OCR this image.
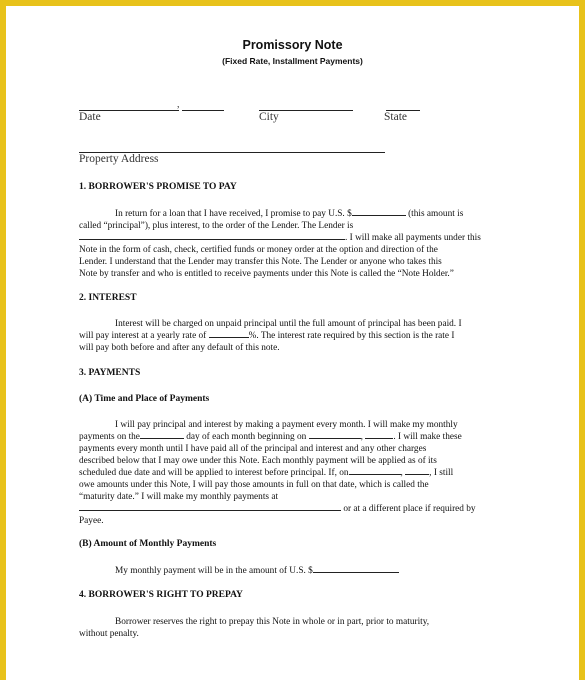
Promissory Note
(Fixed Rate, Installment Payments)
,
Date	City	State
Property Address
1. BORROWER'S PROMISE TO PAY
In return for a loan that I have received, I promise to pay U.S. $	(this amount is
called “principal”), plus interest, to the order of the Lender. The Lender is
. I will make all payments under this
Note in the form of cash, check, certified funds or money order at the option and direction of the
Lender. I understand that the Lender may transfer this Note. The Lender or anyone who takes this
Note by transfer and who is entitled to receive payments under this Note is called the “Note Holder.”
2. INTEREST
Interest will be charged on unpaid principal until the full amount of principal has been paid. I
will pay interest at a yearly rate of	%. The interest rate required by this section is the rate I
will pay both before and after any default of this note.
3. PAYMENTS
(A) Time and Place of Payments
I will pay principal and interest by making a payment every month. I will make my monthly
payments on the	day of each month beginning on	,	. I will make these
payments every month until I have paid all of the principal and interest and any other charges
described below that I may owe under this Note. Each monthly payment will be applied as of its
scheduled due date and will be applied to interest before principal. If, on	,	, I still
owe amounts under this Note, I will pay those amounts in full on that date, which is called the
“maturity date.” I will make my monthly payments at
or at a different place if required by
Payee.
(B) Amount of Monthly Payments
My monthly payment will be in the amount of U.S. $
4. BORROWER'S RIGHT TO PREPAY
Borrower reserves the right to prepay this Note in whole or in part, prior to maturity,
without penalty.
